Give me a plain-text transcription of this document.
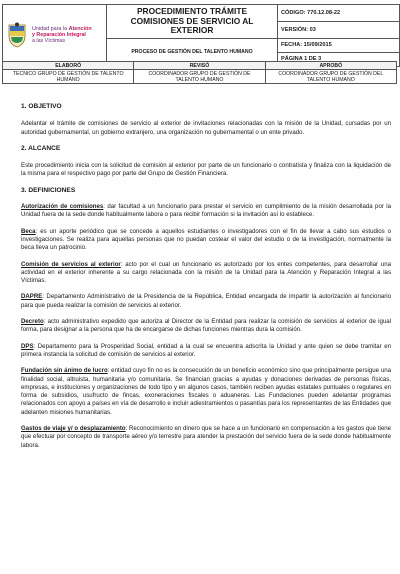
Unidad para la Atención
y Reparación Integral
a las Víctimas	PROCEDIMIENTO TRÁMITE COMISIONES DE SERVICIO AL EXTERIOR	CÓDIGO: 770.12.08-22
		VERSIÓN: 03

	PROCESO DE GESTIÓN DEL TALENTO HUMANO	FECHA: 15/09/2015
		PÁGINA 1 DE 3
ELABORÓ	REVISÓ	APROBÓ
TECNICO GRUPO DE GESTIÓN DE TALENTO HUMANO	COORDINADOR GRUPO DE GESTIÓN DE TALENTO HUMANO	COORDINADOR GRUPO DE GESTIÓN DEL TALENTO HUMANO
1. OBJETIVO

Adelantar el trámite de comisiones de servicio al exterior de invitaciones relacionadas con la misión de la Unidad, cursadas por un autoridad gubernamental, un gobierno extranjero, una organización no gubernamental o un ente privado.

2. ALCANCE

Este procedimiento inicia con la solicitud de comisión al exterior por parte de un funcionario o contratista y finaliza con la liquidación de la misma para el respectivo pago por parte del Grupo de Gestión Financiera.

3. DEFINICIONES

Autorización de comisiones: dar facultad a un funcionario para prestar el servicio en cumplimiento de la misión desarrollada por la Unidad fuera de la sede donde habitualmente labora o para recibir formación si la invitación así lo establece.

Beca: es un aporte periódico que se concede a aquellos estudiantes o investigadores con el fin de llevar a cabo sus estudios o investigaciones. Se realiza para aquellas personas que no puedan costear el valor del estudio o de la investigación, normalmente la beca lleva un patrocinio.

Comisión de servicios al exterior: acto por el cual un funcionario es autorizado por los entes competentes, para desarrollar una actividad en el exterior inherente a su cargo relacionada con la misión de la Unidad para la Atención y Reparación Integral a las Víctimas.

DAPRE: Departamento Administrativo de la Presidencia de la República, Entidad encargada de impartir la autorización al funcionario para que pueda realizar la comisión de servicios al exterior.

Decreto: acto administrativo expedido que autoriza al Director de la Entidad para realizar la comisión de servicios al exterior de igual forma, para designar a la persona que ha de encargarse de dichas funciones mientras dura la comisión.

DPS: Departamento para la Prosperidad Social, entidad a la cual se encuentra adscrita la Unidad y ante quien se debe tramitar en primera instancia la solicitud de comisión de servicios al exterior.

Fundación sin ánimo de lucro: entidad cuyo fin no es la consecución de un beneficio económico sino que principalmente persigue una finalidad social, altruista, humanitaria y/o comunitaria. Se financian gracias a ayudas y donaciones derivadas de personas físicas, empresas, e instituciones y organizaciones de todo tipo y en algunos casos, también reciben ayudas estatales puntuales o regulares en forma de subsidios, usufructo de fincas, exoneraciones fiscales o aduaneras. Las Fundaciones pueden adelantar programas relacionados con apoyo a países en vía de desarrollo e incluir adiestramientos o pasantías para los representantes de las Entidades que adelanten misiones humanitarias.

Gastos de viaje y/ o desplazamiento: Reconocimiento en dinero que se hace a un funcionario en compensación a los gastos que tiene que efectuar por concepto de transporte aéreo y/o terrestre para atender la prestación del servicio fuera de la sede donde habitualmente labora.
